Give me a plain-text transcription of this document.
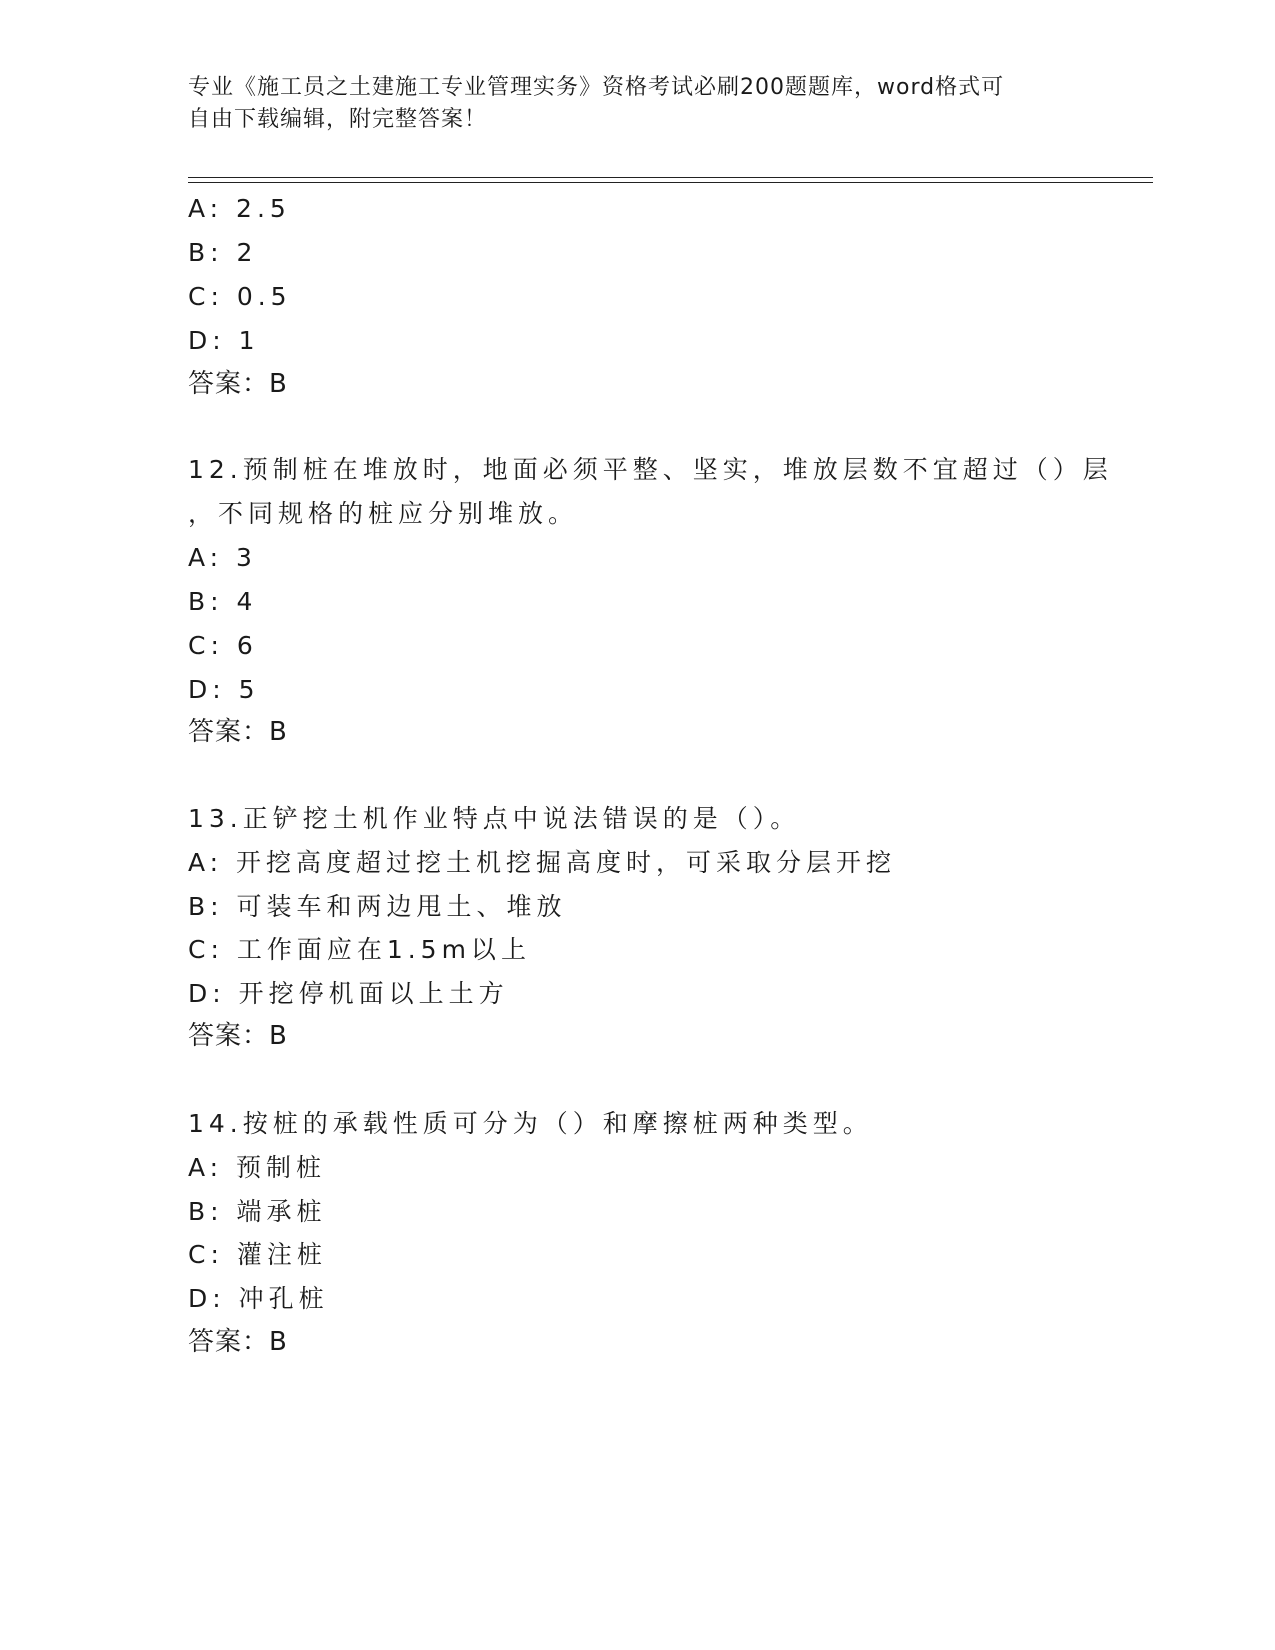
专业《施工员之土建施工专业管理实务》资格考试必刷200题题库，word格式可
自由下载编辑，附完整答案！
A: 2.5
B: 2
C: 0.5
D: 1
答案：B
12.预制桩在堆放时，地面必须平整、坚实，堆放层数不宜超过（）层
，不同规格的桩应分别堆放。
A: 3
B: 4
C: 6
D: 5
答案：B
13.正铲挖土机作业特点中说法错误的是（）。
A: 开挖高度超过挖土机挖掘高度时，可采取分层开挖
B: 可装车和两边甩土、堆放
C: 工作面应在1.5m以上
D: 开挖停机面以上土方
答案：B
14.按桩的承载性质可分为（）和摩擦桩两种类型。
A: 预制桩
B: 端承桩
C: 灌注桩
D: 冲孔桩
答案：B
